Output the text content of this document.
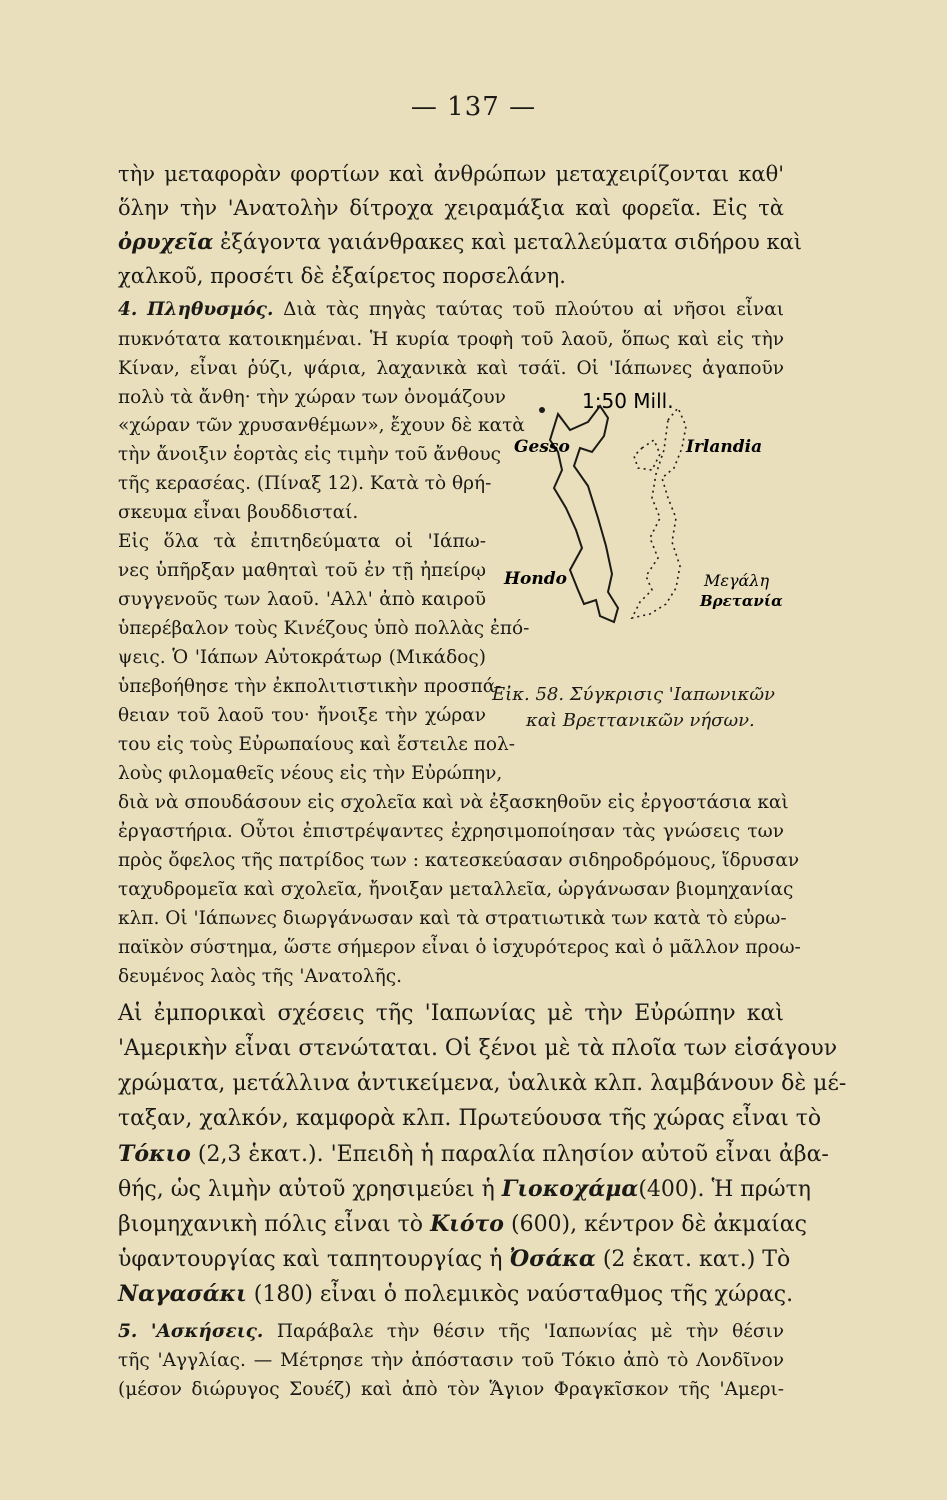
— 137 —
τὴν μεταφορὰν φορτίων καὶ ἀνθρώπων μεταχειρίζονται καθ'
ὅλην τὴν 'Ανατολὴν δίτροχα χειραμάξια καὶ φορεῖα. Εἰς τὰ
ὀρυχεῖα ἐξάγοντα γαιάνθρακες καὶ μεταλλεύματα σιδήρου καὶ
χαλκοῦ, προσέτι δὲ ἐξαίρετος πορσελάνη.
4. Πληθυσμός. Διὰ τὰς πηγὰς ταύτας τοῦ πλούτου αἱ νῆσοι εἶναι
πυκνότατα κατοικημέναι. Ἡ κυρία τροφὴ τοῦ λαοῦ, ὅπως καὶ εἰς τὴν
Κίναν, εἶναι ῥύζι, ψάρια, λαχανικὰ καὶ τσάϊ. Οἱ 'Ιάπωνες ἀγαποῦν
πολὺ τὰ ἄνθη· τὴν χώραν των ὀνομάζουν
«χώραν τῶν χρυσανθέμων», ἔχουν δὲ κατὰ
τὴν ἄνοιξιν ἑορτὰς εἰς τιμὴν τοῦ ἄνθους
τῆς κερασέας. (Πίναξ 12). Κατὰ τὸ θρή-
σκευμα εἶναι βουδδισταί.
Εἰς ὅλα τὰ ἐπιτηδεύματα οἱ 'Ιάπω-
νες ὑπῆρξαν μαθηταὶ τοῦ ἐν τῇ ἠπείρῳ
συγγενοῦς των λαοῦ. 'Αλλ' ἀπὸ καιροῦ
ὑπερέβαλον τοὺς Κινέζους ὑπὸ πολλὰς ἐπό-
ψεις. Ὁ 'Ιάπων Αὐτοκράτωρ (Μικάδος)
ὑπεβοήθησε τὴν ἐκπολιτιστικὴν προσπά-
θειαν τοῦ λαοῦ του· ἤνοιξε τὴν χώραν
του εἰς τοὺς Εὐρωπαίους καὶ ἔστειλε πολ-
λοὺς φιλομαθεῖς νέους εἰς τὴν Εὐρώπην,
διὰ νὰ σπουδάσουν εἰς σχολεῖα καὶ νὰ ἐξασκηθοῦν εἰς ἐργοστάσια καὶ
ἐργαστήρια. Οὗτοι ἐπιστρέψαντες ἐχρησιμοποίησαν τὰς γνώσεις των
πρὸς ὄφελος τῆς πατρίδος των : κατεσκεύασαν σιδηροδρόμους, ἵδρυσαν
ταχυδρομεῖα καὶ σχολεῖα, ἤνοιξαν μεταλλεῖα, ὠργάνωσαν βιομηχανίας
κλπ. Οἱ 'Ιάπωνες διωργάνωσαν καὶ τὰ στρατιωτικὰ των κατὰ τὸ εὐρω-
παϊκὸν σύστημα, ὥστε σήμερον εἶναι ὁ ἰσχυρότερος καὶ ὁ μᾶλλον προω-
δευμένος λαὸς τῆς 'Ανατολῆς.
Αἱ ἐμπορικαὶ σχέσεις τῆς 'Ιαπωνίας μὲ τὴν Εὐρώπην καὶ
'Αμερικὴν εἶναι στενώταται. Οἱ ξένοι μὲ τὰ πλοῖα των εἰσάγουν
χρώματα, μετάλλινα ἀντικείμενα, ὑαλικὰ κλπ. λαμβάνουν δὲ μέ-
ταξαν, χαλκόν, καμφορὰ κλπ. Πρωτεύουσα τῆς χώρας εἶναι τὸ
Τόκιο (2,3 ἑκατ.). 'Επειδὴ ἡ παραλία πλησίον αὐτοῦ εἶναι ἀβα-
θής, ὡς λιμὴν αὐτοῦ χρησιμεύει ἡ Γιοκοχάμα(400). Ἡ πρώτη
βιομηχανικὴ πόλις εἶναι τὸ Κιότο (600), κέντρον δὲ ἀκμαίας
ὑφαντουργίας καὶ ταπητουργίας ἡ Ὀσάκα (2 ἑκατ. κατ.) Τὸ
Ναγασάκι (180) εἶναι ὁ πολεμικὸς ναύσταθμος τῆς χώρας.
5. 'Ασκήσεις. Παράβαλε τὴν θέσιν τῆς 'Ιαπωνίας μὲ τὴν θέσιν
τῆς 'Αγγλίας. — Μέτρησε τὴν ἀπόστασιν τοῦ Τόκιο ἀπὸ τὸ Λονδῖνον
(μέσον διώρυγος Σουέζ) καὶ ἀπὸ τὸν Ἅγιον Φραγκῖσκον τῆς 'Αμερι-
1:50 Mill.
Gesso	Irlandia
Hondo	Μεγάλη
Βρετανία
Εἰκ. 58. Σύγκρισις 'Ιαπωνικῶν
καὶ Βρεττανικῶν νήσων.
